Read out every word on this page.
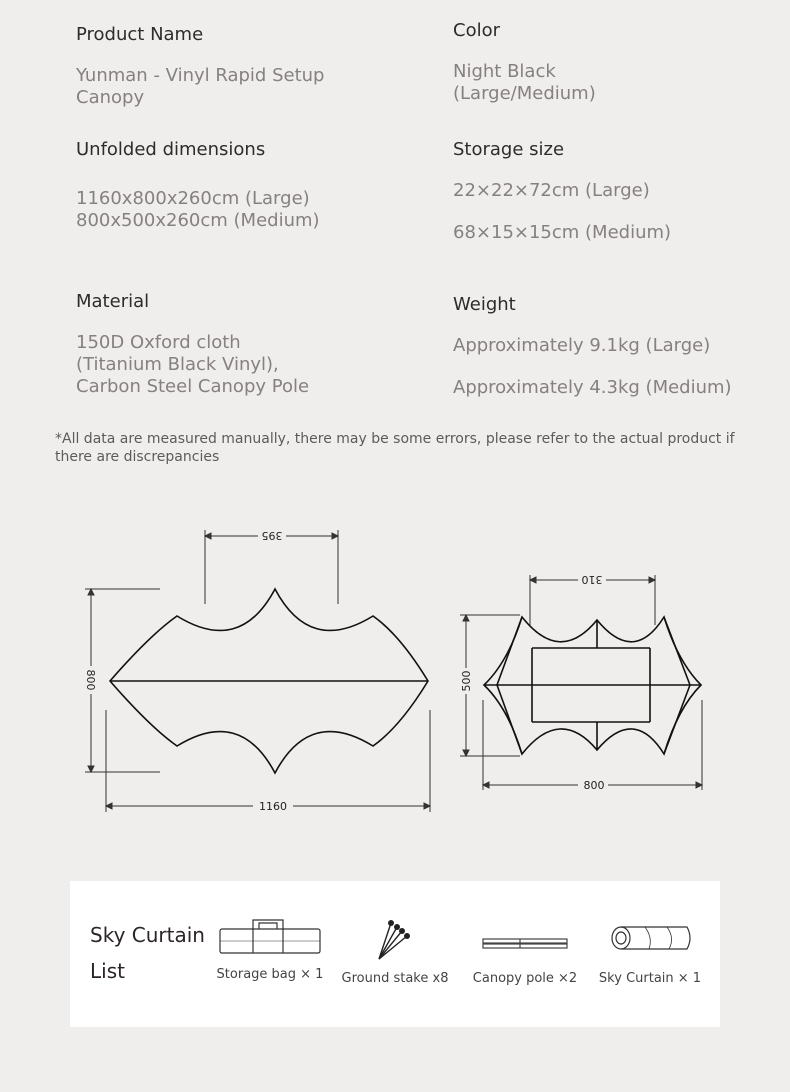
Product Name
Yunman - Vinyl Rapid Setup Canopy
Color
Night Black (Large/Medium)
Unfolded dimensions
1160x800x260cm (Large)
800x500x260cm (Medium)
Storage size
22×22×72cm (Large)
68×15×15cm (Medium)
Material
150D Oxford cloth
(Titanium Black Vinyl),
Carbon Steel Canopy Pole
Weight
Approximately 9.1kg (Large)
Approximately 4.3kg (Medium)
*All data are measured manually, there may be some errors, please refer to the actual product if there are discrepancies
395
800
1160
310
500
800
Sky Curtain
List	Storage bag × 1	Ground stake x8 Canopy pole ×2	Sky Curtain × 1
